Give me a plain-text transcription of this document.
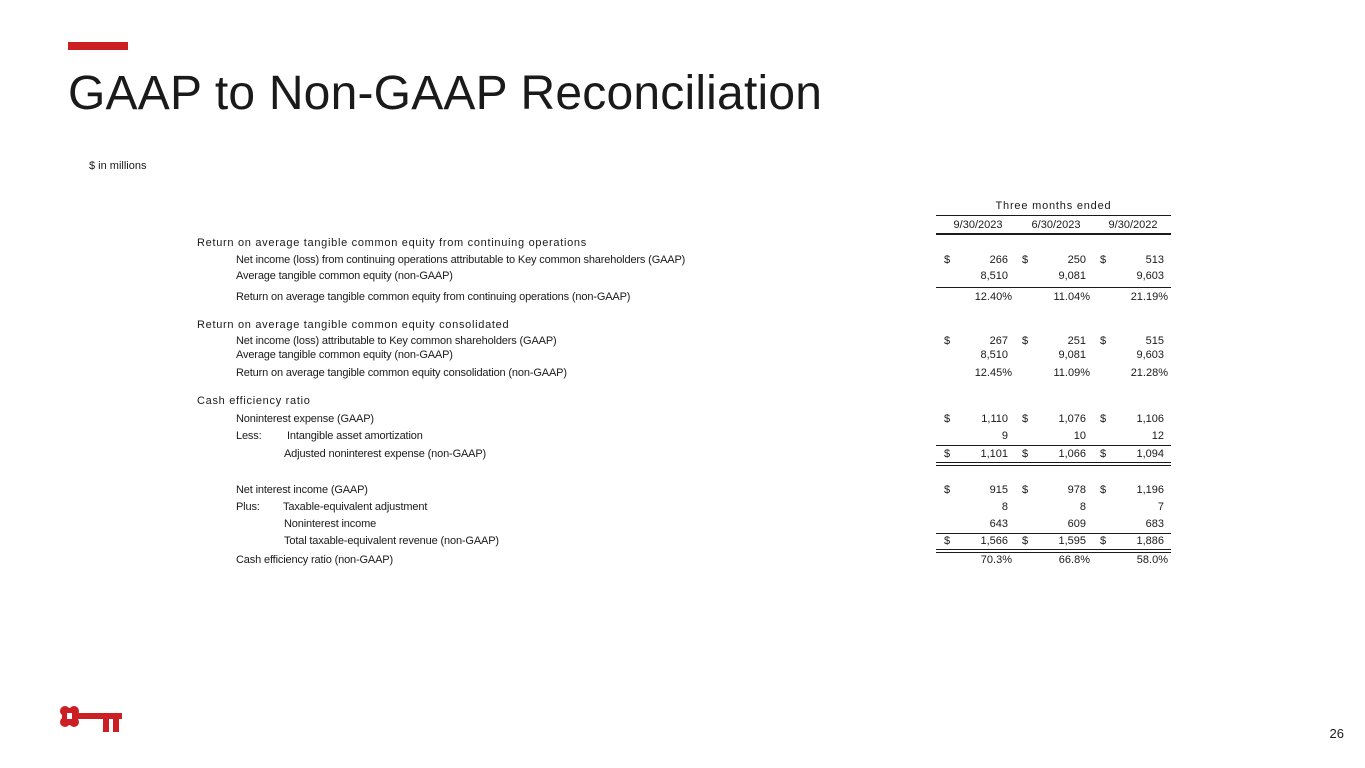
GAAP to Non-GAAP Reconciliation
$ in millions
Three months ended
9/30/2023	6/30/2023	9/30/2022
Return on average tangible common equity from continuing operations
Net income (loss) from continuing operations attributable to Key common shareholders (GAAP)	$	266 $	250 $	513
Average tangible common equity (non-GAAP)	8,510	9,081	9,603
Return on average tangible common equity from continuing operations (non-GAAP)	12.40%	11.04%	21.19%
Return on average tangible common equity consolidated
Net income (loss) attributable to Key common shareholders (GAAP)	$	267 $	251 $	515
Average tangible common equity (non-GAAP)	8,510	9,081	9,603
Return on average tangible common equity consolidation (non-GAAP)	12.45%	11.09%	21.28%
Cash efficiency ratio
Noninterest expense (GAAP)	$	1,110 $	1,076 $	1,106
Less: Intangible asset amortization	9	10	12
Adjusted noninterest expense (non-GAAP)	$	1,101 $	1,066 $	1,094
Net interest income (GAAP)	$	915 $	978 $	1,196
Plus: Taxable-equivalent adjustment	8	8	7
Noninterest income	643	609	683
Total taxable-equivalent revenue (non-GAAP)	$	1,566 $	1,595 $	1,886
Cash efficiency ratio (non-GAAP)	70.3%	66.8%	58.0%
26
